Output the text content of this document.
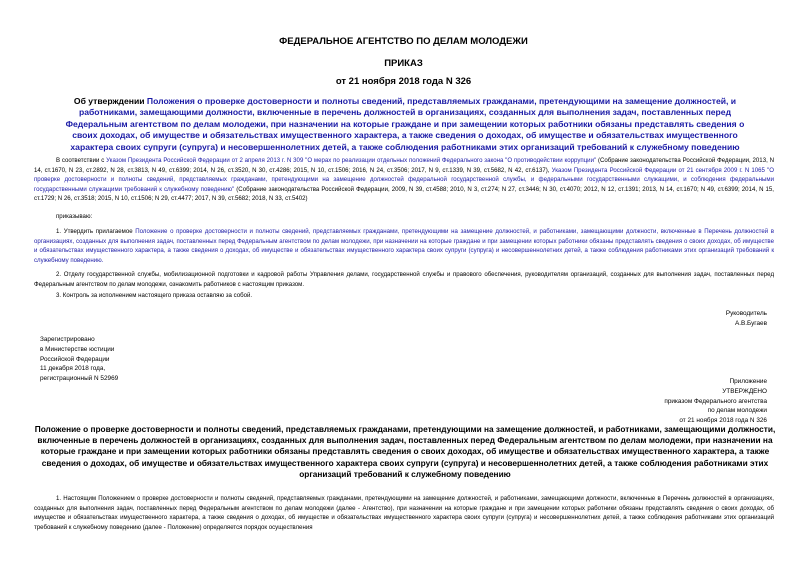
ФЕДЕРАЛЬНОЕ АГЕНТСТВО ПО ДЕЛАМ МОЛОДЕЖИ
ПРИКАЗ
от 21 ноября 2018 года N 326
Об утверждении Положения о проверке достоверности и полноты сведений, представляемых гражданами, претендующими на замещение должностей, и работниками, замещающими должности, включенные в перечень должностей в организациях, созданных для выполнения задач, поставленных перед Федеральным агентством по делам молодежи, при назначении на которые граждане и при замещении которых работники обязаны представлять сведения о своих доходах, об имуществе и обязательствах имущественного характера, а также сведения о доходах, об имуществе и обязательствах имущественного характера своих супруги (супруга) и несовершеннолетних детей, а также соблюдения работниками этих организаций требований к служебному поведению
В соответствии с Указом Президента Российской Федерации от 2 апреля 2013 г. N 309 "О мерах по реализации отдельных положений Федерального закона "О противодействии коррупции" (Собрание законодательства Российской Федерации, 2013, N 14, ст.1670, N 23, ст.2892, N 28, ст.3813, N 49, ст.6399; 2014, N 26, ст.3520, N 30, ст.4286; 2015, N 10, ст.1506; 2016, N 24, ст.3506; 2017, N 9, ст.1339, N 39, ст.5682, N 42, ст.6137), Указом Президента Российской Федерации от 21 сентября 2009 г. N 1065 "О проверке достоверности и полноты сведений, представляемых гражданами, претендующими на замещение должностей федеральной государственной службы, и федеральными государственными служащими, и соблюдения федеральными государственными служащими требований к служебному поведению" (Собрание законодательства Российской Федерации, 2009, N 39, ст.4588; 2010, N 3, ст.274; N 27, ст.3446; N 30, ст.4070; 2012, N 12, ст.1391; 2013, N 14, ст.1670; N 49, ст.6399; 2014, N 15, ст.1729; N 26, ст.3518; 2015, N 10, ст.1506; N 29, ст.4477; 2017, N 39, ст.5682; 2018, N 33, ст.5402)
приказываю:
1. Утвердить прилагаемое Положение о проверке достоверности и полноты сведений, представляемых гражданами, претендующими на замещение должностей, и работниками, замещающими должности, включенные в Перечень должностей в организациях, созданных для выполнения задач, поставленных перед Федеральным агентством по делам молодежи, при назначении на которые граждане и при замещении которых работники обязаны представлять сведения о своих доходах, об имуществе и обязательствах имущественного характера, а также сведения о доходах, об имуществе и обязательствах имущественного характера своих супруги (супруга) и несовершеннолетних детей, а также соблюдения работниками этих организаций требований к служебному поведению.
2. Отделу государственной службы, мобилизационной подготовки и кадровой работы Управления делами, государственной службы и правового обеспечения, руководителям организаций, созданных для выполнения задач, поставленных перед Федеральным агентством по делам молодежи, ознакомить работников с настоящим приказом.
3. Контроль за исполнением настоящего приказа оставляю за собой.
Руководитель
А.В.Бугаев
Зарегистрировано
в Министерстве юстиции
Российской Федерации
11 декабря 2018 года,
регистрационный N 52969	Приложение
УТВЕРЖДЕНО
приказом Федерального агентства
по делам молодежи
от 21 ноября 2018 года N 326
Положение о проверке достоверности и полноты сведений, представляемых гражданами, претендующими на замещение должностей, и работниками, замещающими должности, включенные в перечень должностей в организациях, созданных для выполнения задач, поставленных перед Федеральным агентством по делам молодежи, при назначении на которые граждане и при замещении которых работники обязаны представлять сведения о своих доходах, об имуществе и обязательствах имущественного характера, а также сведения о доходах, об имуществе и обязательствах имущественного характера своих супруги (супруга) и несовершеннолетних детей, а также соблюдения работниками этих организаций требований к служебному поведению
1. Настоящим Положением о проверке достоверности и полноты сведений, представляемых гражданами, претендующими на замещение должностей, и работниками, замещающими должности, включенные в Перечень должностей в организациях, созданных для выполнения задач, поставленных перед Федеральным агентством по делам молодежи (далее - Агентство), при назначении на которые граждане и при замещении которых работники обязаны представлять сведения о своих доходах, об имуществе и обязательствах имущественного характера, а также сведения о доходах, об имуществе и обязательствах имущественного характера своих супруги (супруга) и несовершеннолетних детей, а также соблюдения работниками этих организаций требований к служебному поведению (далее - Положение) определяется порядок осуществления
